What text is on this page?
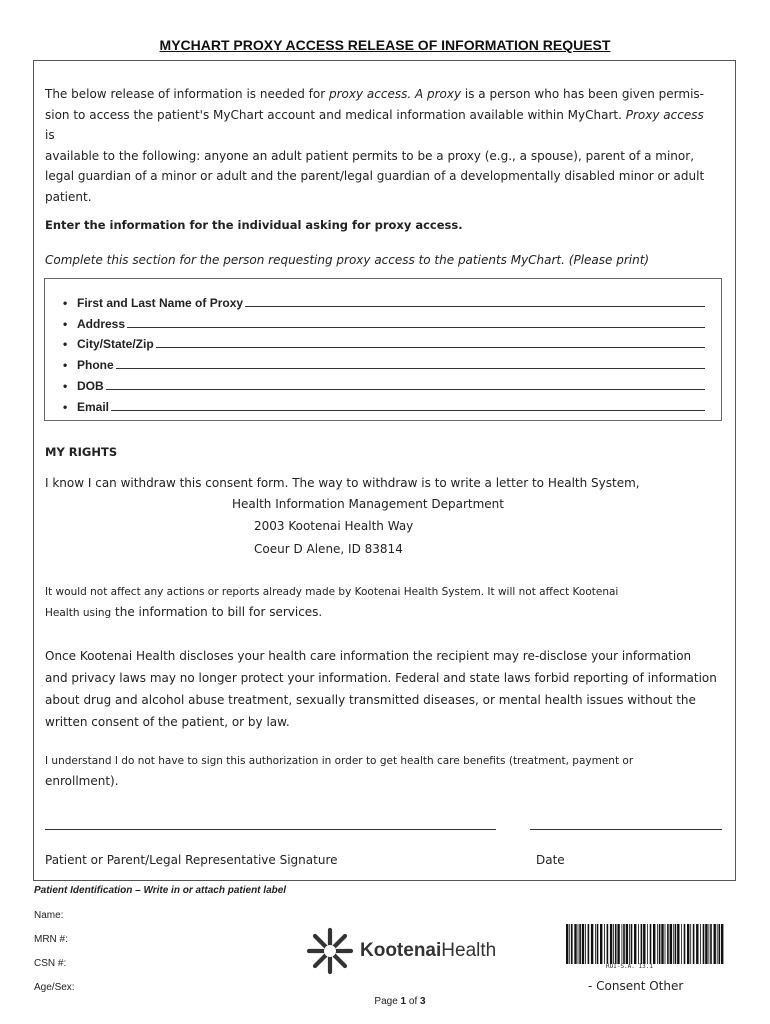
MYCHART PROXY ACCESS RELEASE OF INFORMATION REQUEST
The below release of information is needed for proxy access. A proxy is a person who has been given permis-
sion to access the patient's MyChart account and medical information available within MyChart. Proxy access
is
available to the following: anyone an adult patient permits to be a proxy (e.g., a spouse), parent of a minor,
legal guardian of a minor or adult and the parent/legal guardian of a developmentally disabled minor or adult
patient.
Enter the information for the individual asking for proxy access.
Complete this section for the person requesting proxy access to the patients MyChart. (Please print)
• First and Last Name of Proxy
• Address
• City/State/Zip
• Phone
• DOB
• Email
MY RIGHTS
I know I can withdraw this consent form. The way to withdraw is to write a letter to Health System,
Health Information Management Department
2003 Kootenai Health Way
Coeur D Alene, ID 83814
It would not affect any actions or reports already made by Kootenai Health System. It will not affect Kootenai
Health using the information to bill for services.
Once Kootenai Health discloses your health care information the recipient may re-disclose your information
and privacy laws may no longer protect your information. Federal and state laws forbid reporting of information
about drug and alcohol abuse treatment, sexually transmitted diseases, or mental health issues without the
written consent of the patient, or by law.
I understand I do not have to sign this authorization in order to get health care benefits (treatment, payment or
enrollment).
Patient or Parent/Legal Representative Signature	Date
Patient Identification – Write in or attach patient label
Name:
MRN #:
CSN #:
Age/Sex:
KootenaiHealth
ROI-S.A. 13.1
- Consent Other
Page 1 of 3
